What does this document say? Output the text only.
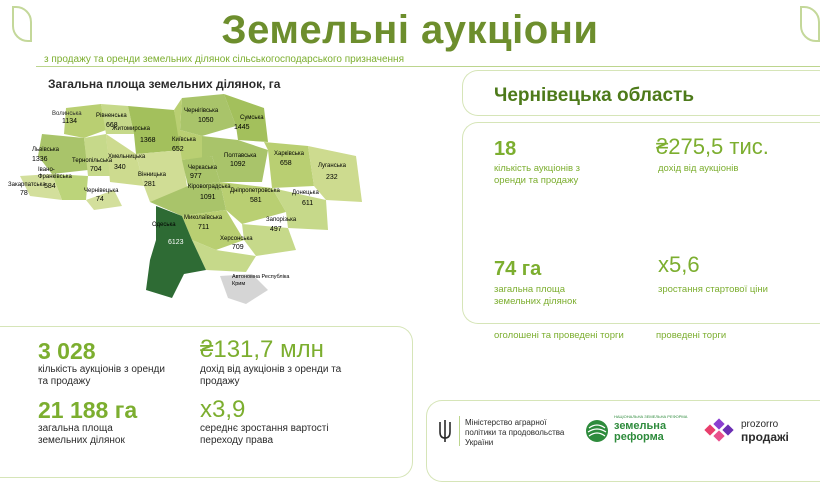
Земельні аукціони
з продажу та оренди земельних ділянок сільськогосподарського призначення
Загальна площа земельних ділянок, га
Волинська
1134
Рівненська
668
Житомирська
1368
Чернігівська
1050	Сумська
1445
Київська
652
Львівська
1336	Тернопільська
704
Хмельницька
340
Полтавська
1092
Харківська
658	Луганська
232
Івано-Франківська
584
Вінницька
281
Черкаська
977
Закарпатська
78	Чернівецька
74
Кіровоградська
1091
Дніпропетровська
581
Донецька
611
Миколаївська
711
Запорізька
497
Одеська
6123	Херсонська
709
Автономна Республіка Крим
Чернівецька область
18
кількість аукціонів з оренди та продажу
₴275,5 тис.
дохід від аукціонів
74 га
загальна площа земельних ділянок
х5,6
зростання стартової ціни
оголошені та проведені торги	проведені торги
3 028
кількість аукціонів з оренди та продажу
₴131,7 млн
дохід від аукціонів з оренди та продажу
21 188 га
загальна площа земельних ділянок
х3,9
середнє зростання вартості переходу права
Міністерство аграрної політики та продовольства України
НАЦІОНАЛЬНА ЗЕМЕЛЬНА РЕФОРМА
земельна реформа
prozorro
продажі
